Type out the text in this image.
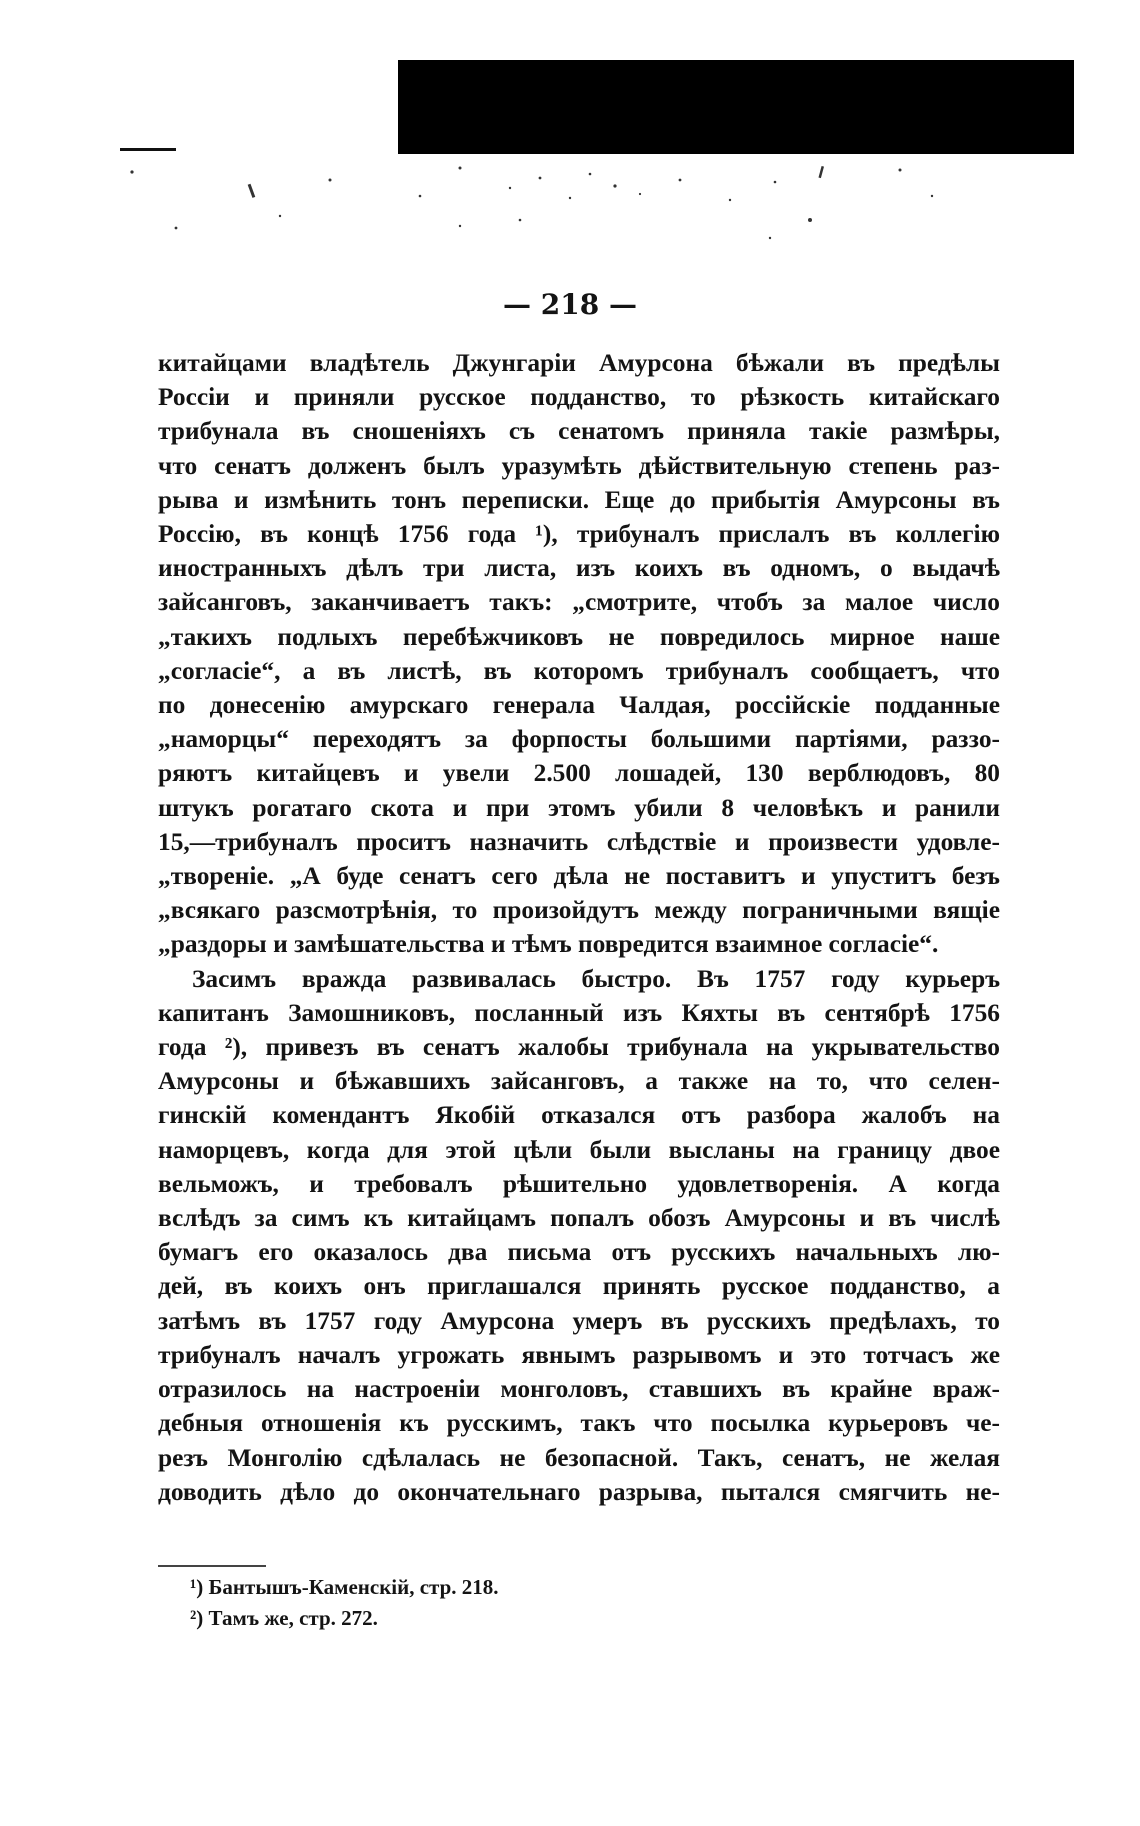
— 218 —

китайцами владѣтель Джунгаріи Амурсона бѣжали въ предѣлы
Россіи и приняли русское подданство, то рѣзкость китайскаго
трибунала въ сношеніяхъ съ сенатомъ приняла такіе размѣры,
что сенатъ долженъ былъ уразумѣть дѣйствительную степень раз-
рыва и измѣнить тонъ переписки. Еще до прибытія Амурсоны въ
Россію, въ концѣ 1756 года ¹), трибуналъ прислалъ въ коллегію
иностранныхъ дѣлъ три листа, изъ коихъ въ одномъ, о выдачѣ
зайсанговъ, заканчиваетъ такъ: „смотрите, чтобъ за малое число
„такихъ подлыхъ перебѣжчиковъ не повредилось мирное наше
„согласіе“, а въ листѣ, въ которомъ трибуналъ сообщаетъ, что
по донесенію амурскаго генерала Чалдая, россійскіе подданные
„наморцы“ переходятъ за форпосты большими партіями, раззо-
ряютъ китайцевъ и увели 2.500 лошадей, 130 верблюдовъ, 80
штукъ рогатаго скота и при этомъ убили 8 человѣкъ и ранили
15,—трибуналъ проситъ назначить слѣдствіе и произвести удовле-
„твореніе. „А буде сенатъ сего дѣла не поставитъ и упуститъ безъ
„всякаго разсмотрѣнія, то произойдутъ между пограничными вящіе
„раздоры и замѣшательства и тѣмъ повредится взаимное согласіе“.

Засимъ вражда развивалась быстро. Въ 1757 году курьеръ
капитанъ Замошниковъ, посланный изъ Кяхты въ сентябрѣ 1756
года ²), привезъ въ сенатъ жалобы трибунала на укрывательство
Амурсоны и бѣжавшихъ зайсанговъ, а также на то, что селен-
гинскій комендантъ Якобій отказался отъ разбора жалобъ на
наморцевъ, когда для этой цѣли были высланы на границу двое
вельможъ, и требовалъ рѣшительно удовлетворенія. А когда
вслѣдъ за симъ къ китайцамъ попалъ обозъ Амурсоны и въ числѣ
бумагъ его оказалось два письма отъ русскихъ начальныхъ лю-
дей, въ коихъ онъ приглашался принять русское подданство, а
затѣмъ въ 1757 году Амурсона умеръ въ русскихъ предѣлахъ, то
трибуналъ началъ угрожать явнымъ разрывомъ и это тотчасъ же
отразилось на настроеніи монголовъ, ставшихъ въ крайне враж-
дебныя отношенія къ русскимъ, такъ что посылка курьеровъ че-
резъ Монголію сдѣлалась не безопасной. Такъ, сенатъ, не желая
доводить дѣло до окончательнаго разрыва, пытался смягчить не-

¹) Бантышъ-Каменскій, стр. 218.

²) Тамъ же, стр. 272.
